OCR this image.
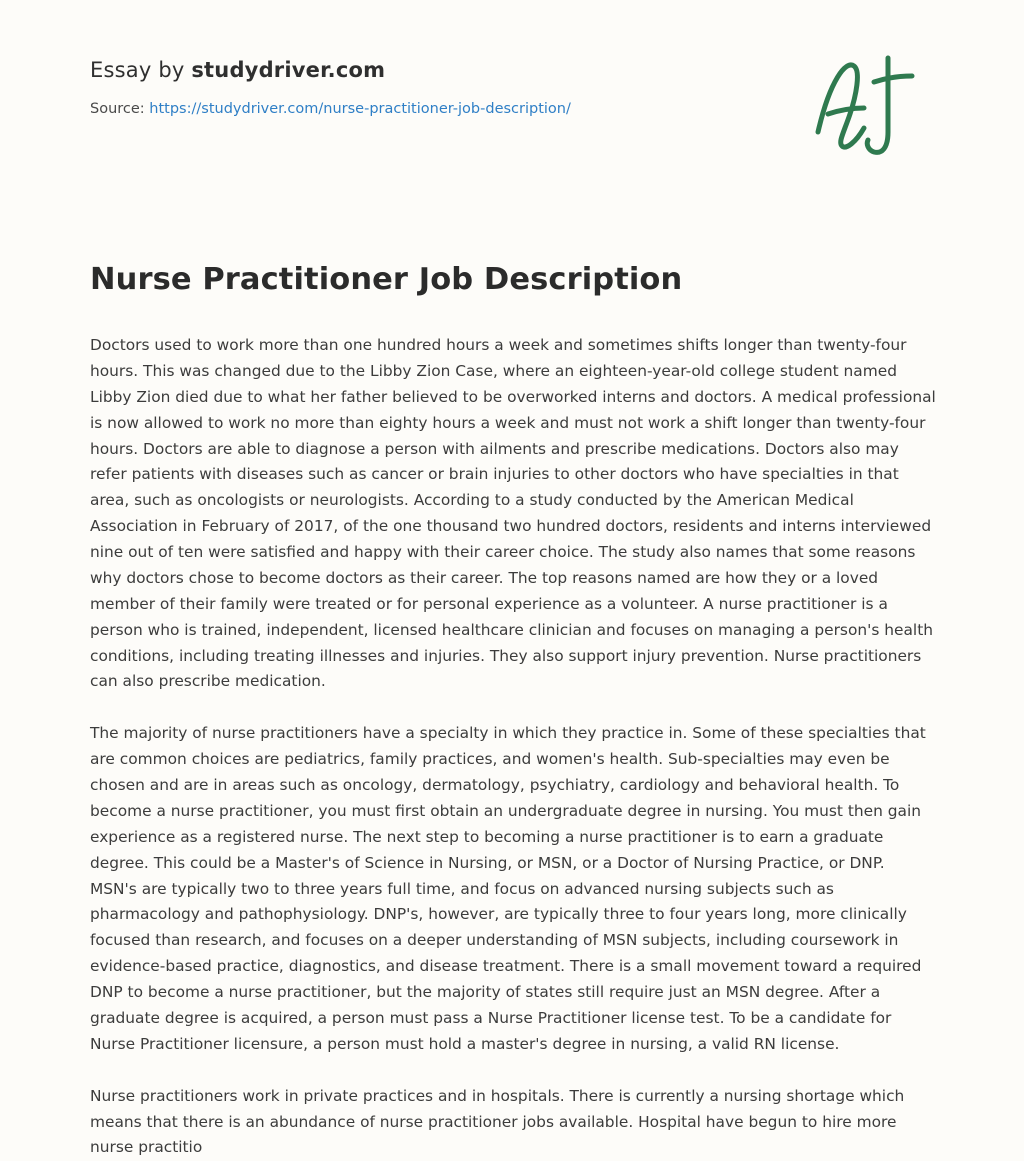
Essay by studydriver.com
Source: https://studydriver.com/nurse-practitioner-job-description/
Nurse Practitioner Job Description

Doctors used to work more than one hundred hours a week and sometimes shifts longer than twenty-four hours. This was changed due to the Libby Zion Case, where an eighteen-year-old college student named Libby Zion died due to what her father believed to be overworked interns and doctors. A medical professional is now allowed to work no more than eighty hours a week and must not work a shift longer than twenty-four hours. Doctors are able to diagnose a person with ailments and prescribe medications. Doctors also may refer patients with diseases such as cancer or brain injuries to other doctors who have specialties in that area, such as oncologists or neurologists. According to a study conducted by the American Medical Association in February of 2017, of the one thousand two hundred doctors, residents and interns interviewed nine out of ten were satisfied and happy with their career choice. The study also names that some reasons why doctors chose to become doctors as their career. The top reasons named are how they or a loved member of their family were treated or for personal experience as a volunteer. A nurse practitioner is a person who is trained, independent, licensed healthcare clinician and focuses on managing a person's health conditions, including treating illnesses and injuries. They also support injury prevention. Nurse practitioners can also prescribe medication.

The majority of nurse practitioners have a specialty in which they practice in. Some of these specialties that are common choices are pediatrics, family practices, and women's health. Sub-specialties may even be chosen and are in areas such as oncology, dermatology, psychiatry, cardiology and behavioral health. To become a nurse practitioner, you must first obtain an undergraduate degree in nursing. You must then gain experience as a registered nurse. The next step to becoming a nurse practitioner is to earn a graduate degree. This could be a Master's of Science in Nursing, or MSN, or a Doctor of Nursing Practice, or DNP. MSN's are typically two to three years full time, and focus on advanced nursing subjects such as pharmacology and pathophysiology. DNP's, however, are typically three to four years long, more clinically focused than research, and focuses on a deeper understanding of MSN subjects, including coursework in evidence-based practice, diagnostics, and disease treatment. There is a small movement toward a required DNP to become a nurse practitioner, but the majority of states still require just an MSN degree. After a graduate degree is acquired, a person must pass a Nurse Practitioner license test. To be a candidate for Nurse Practitioner licensure, a person must hold a master's degree in nursing, a valid RN license.

Nurse practitioners work in private practices and in hospitals. There is currently a nursing shortage which means that there is an abundance of nurse practitioner jobs available. Hospital have begun to hire more nurse practitio
